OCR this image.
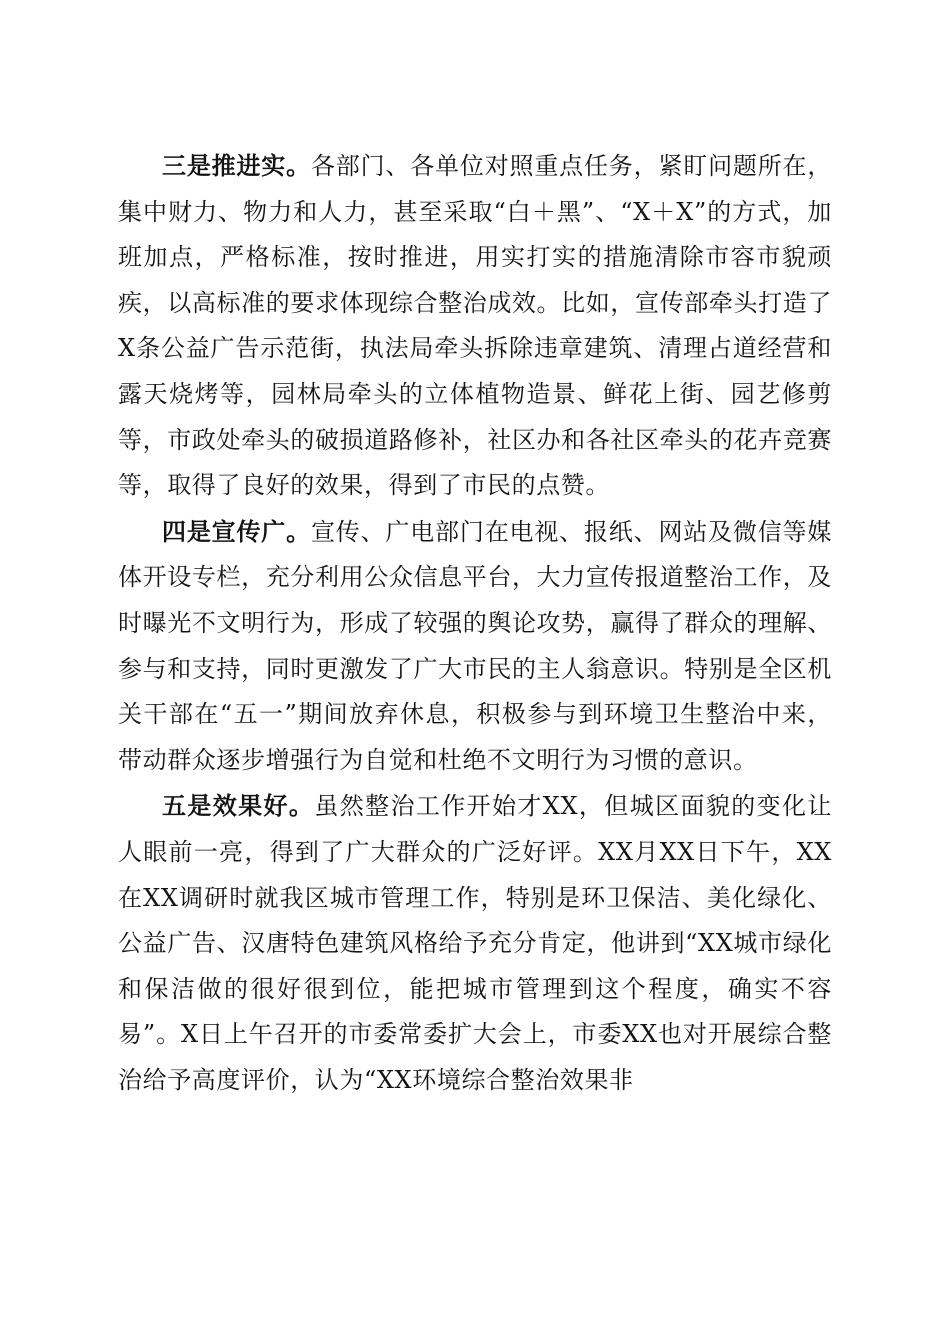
三是推进实。各部门、各单位对照重点任务，紧盯问题所在，集中财力、物力和人力，甚至采取“白＋黑”、“X＋X”的方式，加班加点，严格标准，按时推进，用实打实的措施清除市容市貌顽疾，以高标准的要求体现综合整治成效。比如，宣传部牵头打造了X条公益广告示范街，执法局牵头拆除违章建筑、清理占道经营和露天烧烤等，园林局牵头的立体植物造景、鲜花上街、园艺修剪等，市政处牵头的破损道路修补，社区办和各社区牵头的花卉竞赛等，取得了良好的效果，得到了市民的点赞。

四是宣传广。宣传、广电部门在电视、报纸、网站及微信等媒体开设专栏，充分利用公众信息平台，大力宣传报道整治工作，及时曝光不文明行为，形成了较强的舆论攻势，赢得了群众的理解、参与和支持，同时更激发了广大市民的主人翁意识。特别是全区机关干部在“五一”期间放弃休息，积极参与到环境卫生整治中来，带动群众逐步增强行为自觉和杜绝不文明行为习惯的意识。

五是效果好。虽然整治工作开始才XX，但城区面貌的变化让人眼前一亮，得到了广大群众的广泛好评。XX月XX日下午，XX在XX调研时就我区城市管理工作，特别是环卫保洁、美化绿化、公益广告、汉唐特色建筑风格给予充分肯定，他讲到“XX城市绿化和保洁做的很好很到位，能把城市管理到这个程度，确实不容易”。X日上午召开的市委常委扩大会上，市委XX也对开展综合整治给予高度评价，认为“XX环境综合整治效果非
